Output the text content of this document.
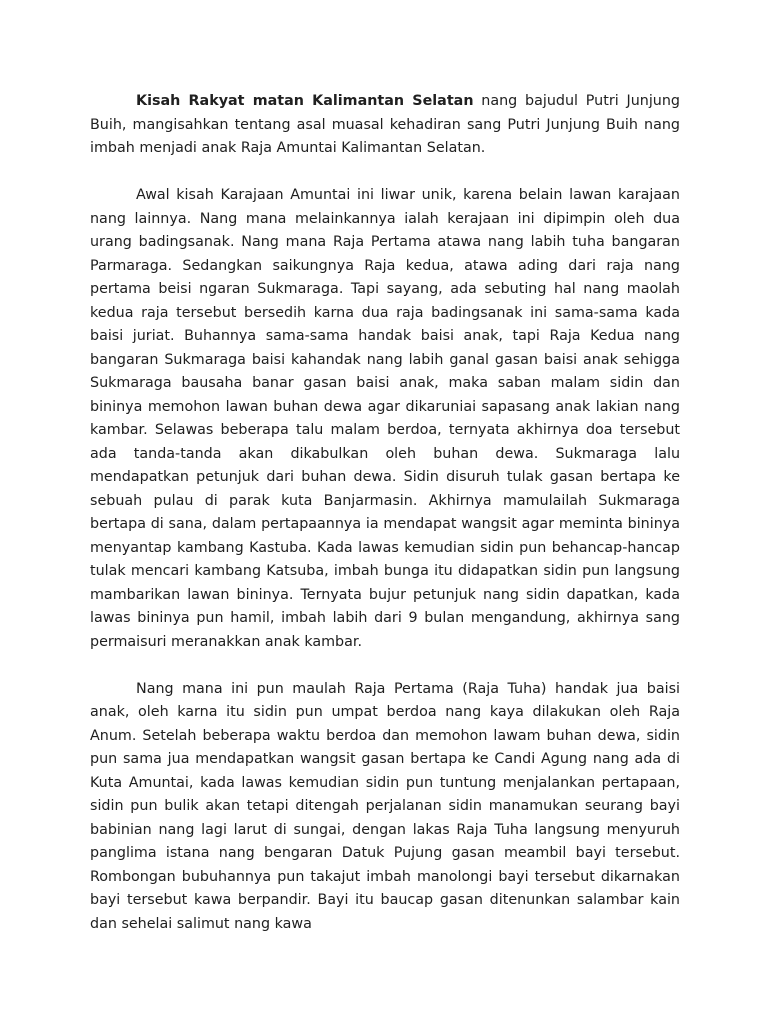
Kisah Rakyat matan Kalimantan Selatan nang bajudul Putri Junjung Buih, mangisahkan tentang asal muasal kehadiran sang Putri Junjung Buih nang imbah menjadi anak Raja Amuntai Kalimantan Selatan.

Awal kisah Karajaan Amuntai ini liwar unik, karena belain lawan karajaan nang lainnya. Nang mana melainkannya ialah kerajaan ini dipimpin oleh dua urang badingsanak. Nang mana Raja Pertama atawa nang labih tuha bangaran Parmaraga. Sedangkan saikungnya Raja kedua, atawa ading dari raja nang pertama beisi ngaran Sukmaraga. Tapi sayang, ada sebuting hal nang maolah kedua raja tersebut bersedih karna dua raja badingsanak ini sama-sama kada baisi juriat. Buhannya sama-sama handak baisi anak, tapi Raja Kedua nang bangaran Sukmaraga baisi kahandak nang labih ganal gasan baisi anak sehigga Sukmaraga bausaha banar gasan baisi anak, maka saban malam sidin dan bininya memohon lawan buhan dewa agar dikaruniai sapasang anak lakian nang kambar. Selawas beberapa talu malam berdoa, ternyata akhirnya doa tersebut ada tanda-tanda akan dikabulkan oleh buhan dewa. Sukmaraga lalu mendapatkan petunjuk dari buhan dewa. Sidin disuruh tulak gasan bertapa ke sebuah pulau di parak kuta Banjarmasin. Akhirnya mamulailah Sukmaraga bertapa di sana, dalam pertapaannya ia mendapat wangsit agar meminta bininya menyantap kambang Kastuba. Kada lawas kemudian sidin pun behancap-hancap tulak mencari kambang Katsuba, imbah bunga itu didapatkan sidin pun langsung mambarikan lawan bininya. Ternyata bujur petunjuk nang sidin dapatkan, kada lawas bininya pun hamil, imbah labih dari 9 bulan mengandung, akhirnya sang permaisuri meranakkan anak kambar.

Nang mana ini pun maulah Raja Pertama (Raja Tuha) handak jua baisi anak, oleh karna itu sidin pun umpat berdoa nang kaya dilakukan oleh Raja Anum. Setelah beberapa waktu berdoa dan memohon lawam buhan dewa, sidin pun sama jua mendapatkan wangsit gasan bertapa ke Candi Agung nang ada di Kuta Amuntai, kada lawas kemudian sidin pun tuntung menjalankan pertapaan, sidin pun bulik akan tetapi ditengah perjalanan sidin manamukan seurang bayi babinian nang lagi larut di sungai, dengan lakas Raja Tuha langsung menyuruh panglima istana nang bengaran Datuk Pujung gasan meambil bayi tersebut. Rombongan bubuhannya pun takajut imbah manolongi bayi tersebut dikarnakan bayi tersebut kawa berpandir. Bayi itu baucap gasan ditenunkan salambar kain dan sehelai salimut nang kawa
